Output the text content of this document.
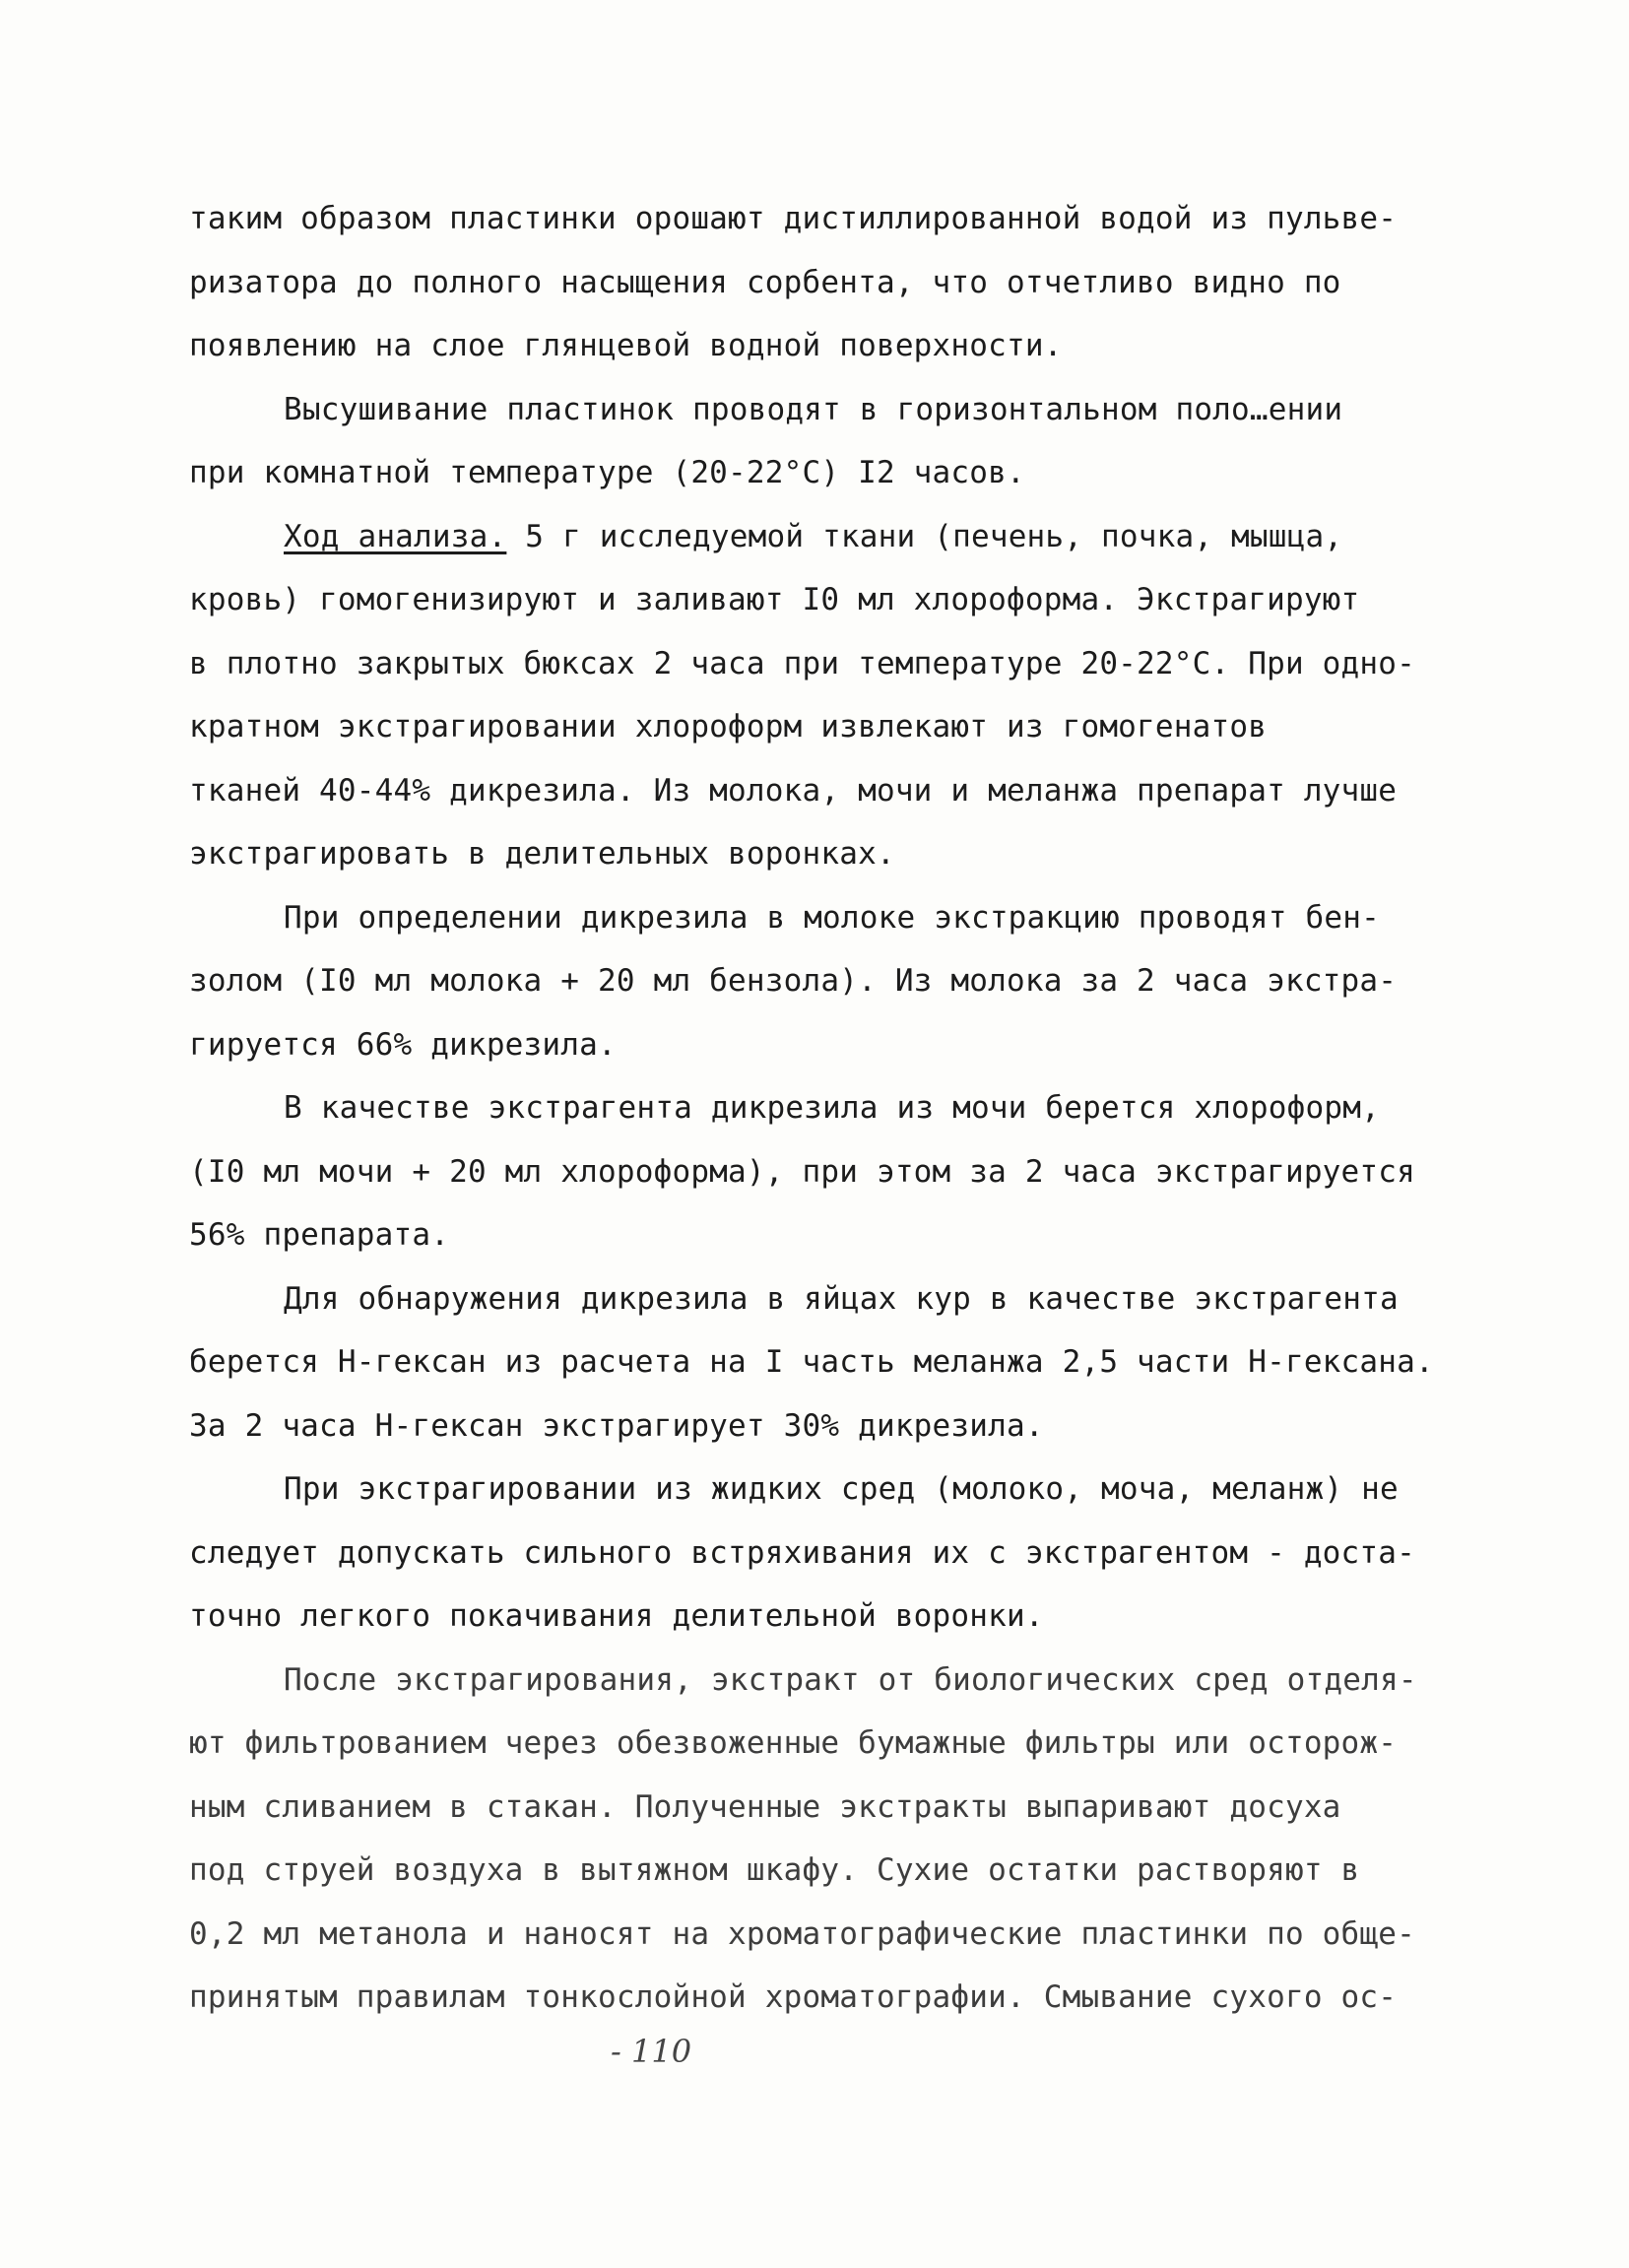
таким образом пластинки орошают дистиллированной водой из пульве-
ризатора до полного насыщения сорбента, что отчетливо видно по
появлению на слое глянцевой водной поверхности.
Высушивание пластинок проводят в горизонтальном поло…ении
при комнатной температуре (20-22°С) I2 часов.
Ход анализа. 5 г исследуемой ткани (печень, почка, мышца,
кровь) гомогенизируют и заливают I0 мл хлороформа. Экстрагируют
в плотно закрытых бюксах 2 часа при температуре 20-22°С. При одно-
кратном экстрагировании хлороформ извлекают из гомогенатов
тканей 40-44% дикрезила. Из молока, мочи и меланжа препарат лучше
экстрагировать в делительных воронках.
При определении дикрезила в молоке экстракцию проводят бен-
золом (I0 мл молока + 20 мл бензола). Из молока за 2 часа экстра-
гируется 66% дикрезила.
В качестве экстрагента дикрезила из мочи берется хлороформ,
(I0 мл мочи + 20 мл хлороформа), при этом за 2 часа экстрагируется
56% препарата.
Для обнаружения дикрезила в яйцах кур в качестве экстрагента
берется Н-гексан из расчета на I часть меланжа 2,5 части Н-гексана.
За 2 часа Н-гексан экстрагирует 30% дикрезила.
При экстрагировании из жидких сред (молоко, моча, меланж) не
следует допускать сильного встряхивания их с экстрагентом - доста-
точно легкого покачивания делительной воронки.
После экстрагирования, экстракт от биологических сред отделя-
ют фильтрованием через обезвоженные бумажные фильтры или осторож-
ным сливанием в стакан. Полученные экстракты выпаривают досуха
под струей воздуха в вытяжном шкафу. Сухие остатки растворяют в
0,2 мл метанола и наносят на хроматографические пластинки по обще-
принятым правилам тонкослойной хроматографии. Смывание сухого ос-
- 110
